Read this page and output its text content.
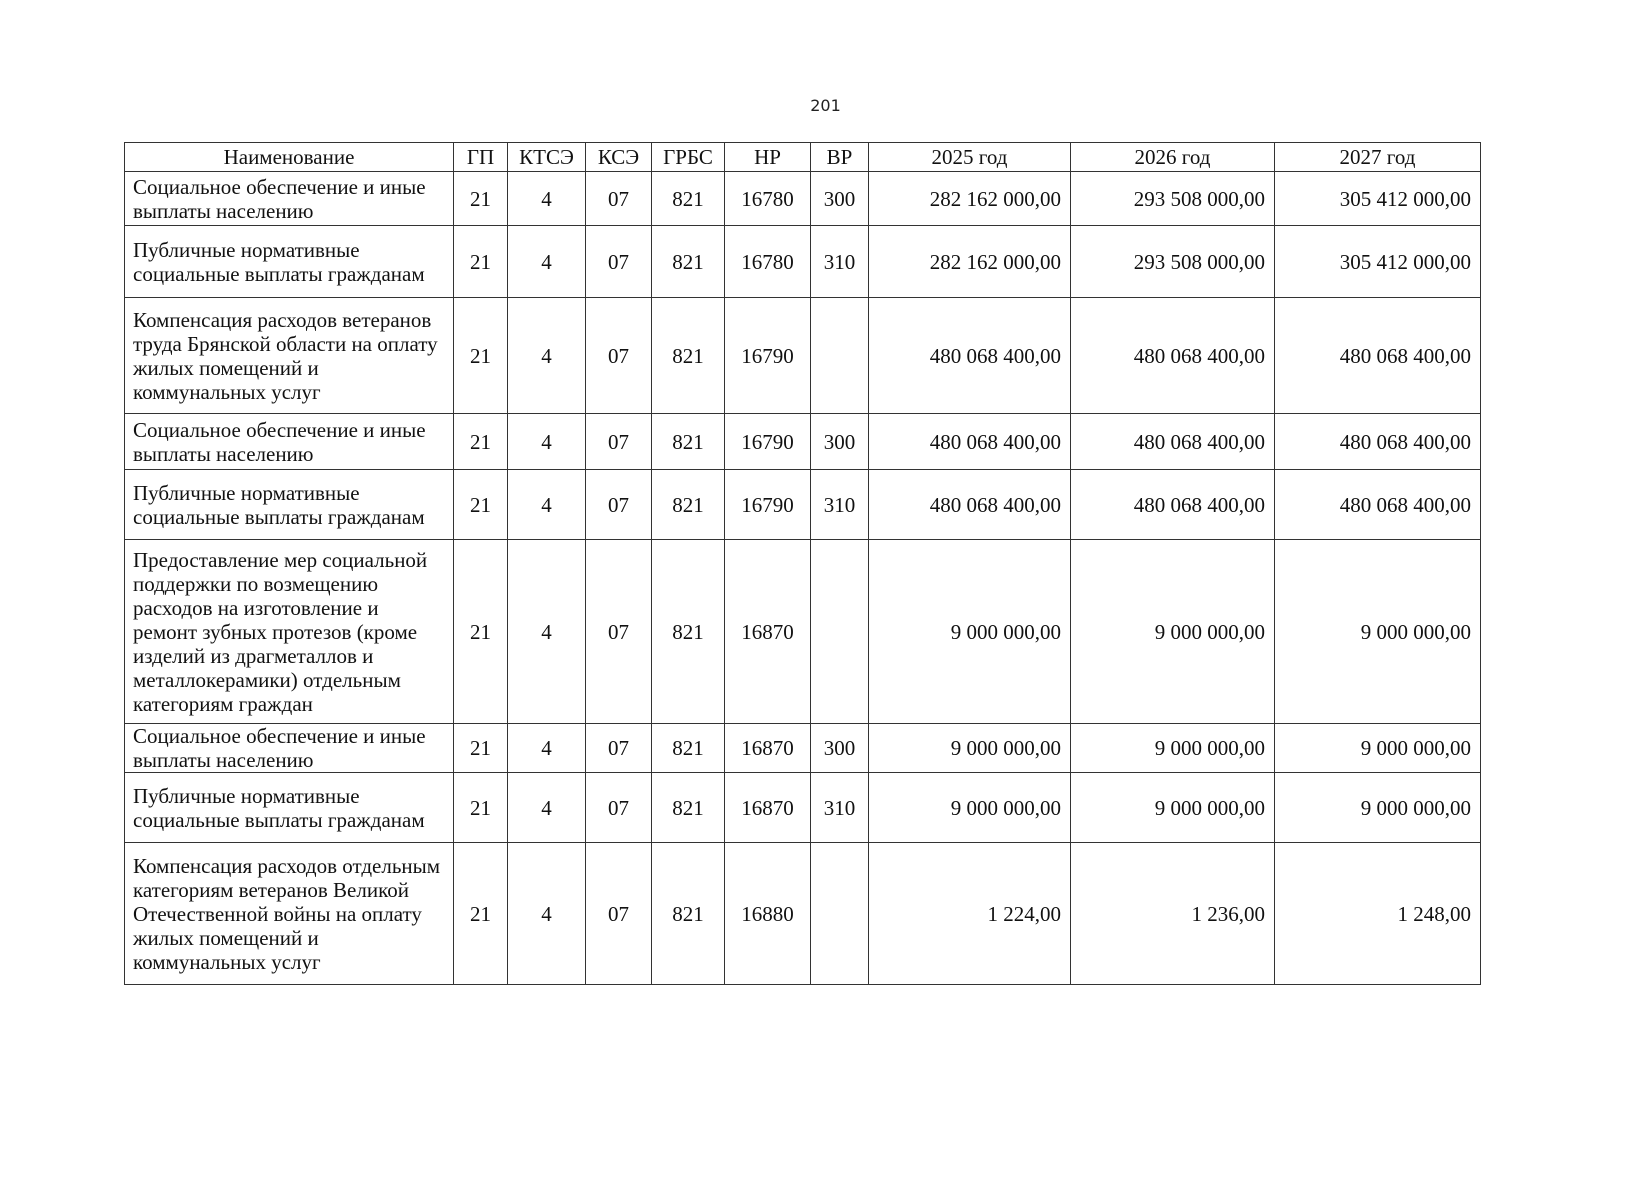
201
Наименование	ГП	КТСЭ	КСЭ	ГРБС	НР	ВР	2025 год	2026 год	2027 год
Социальное обеспечение и иные выплаты населению	21	4	07	821	16780	300	282 162 000,00	293 508 000,00	305 412 000,00
Публичные нормативные социальные выплаты гражданам	21	4	07	821	16780	310	282 162 000,00	293 508 000,00	305 412 000,00
Компенсация расходов ветеранов труда Брянской области на оплату жилых помещений и коммунальных услуг	21	4	07	821	16790		480 068 400,00	480 068 400,00	480 068 400,00
Социальное обеспечение и иные выплаты населению	21	4	07	821	16790	300	480 068 400,00	480 068 400,00	480 068 400,00
Публичные нормативные социальные выплаты гражданам	21	4	07	821	16790	310	480 068 400,00	480 068 400,00	480 068 400,00
Предоставление мер социальной поддержки по возмещению расходов на изготовление и ремонт зубных протезов (кроме изделий из драгметаллов и металлокерамики) отдельным категориям граждан	21	4	07	821	16870		9 000 000,00	9 000 000,00	9 000 000,00
Социальное обеспечение и иные выплаты населению	21	4	07	821	16870	300	9 000 000,00	9 000 000,00	9 000 000,00
Публичные нормативные социальные выплаты гражданам	21	4	07	821	16870	310	9 000 000,00	9 000 000,00	9 000 000,00
Компенсация расходов отдельным категориям ветеранов Великой Отечественной войны на оплату жилых помещений и коммунальных услуг	21	4	07	821	16880		1 224,00	1 236,00	1 248,00
